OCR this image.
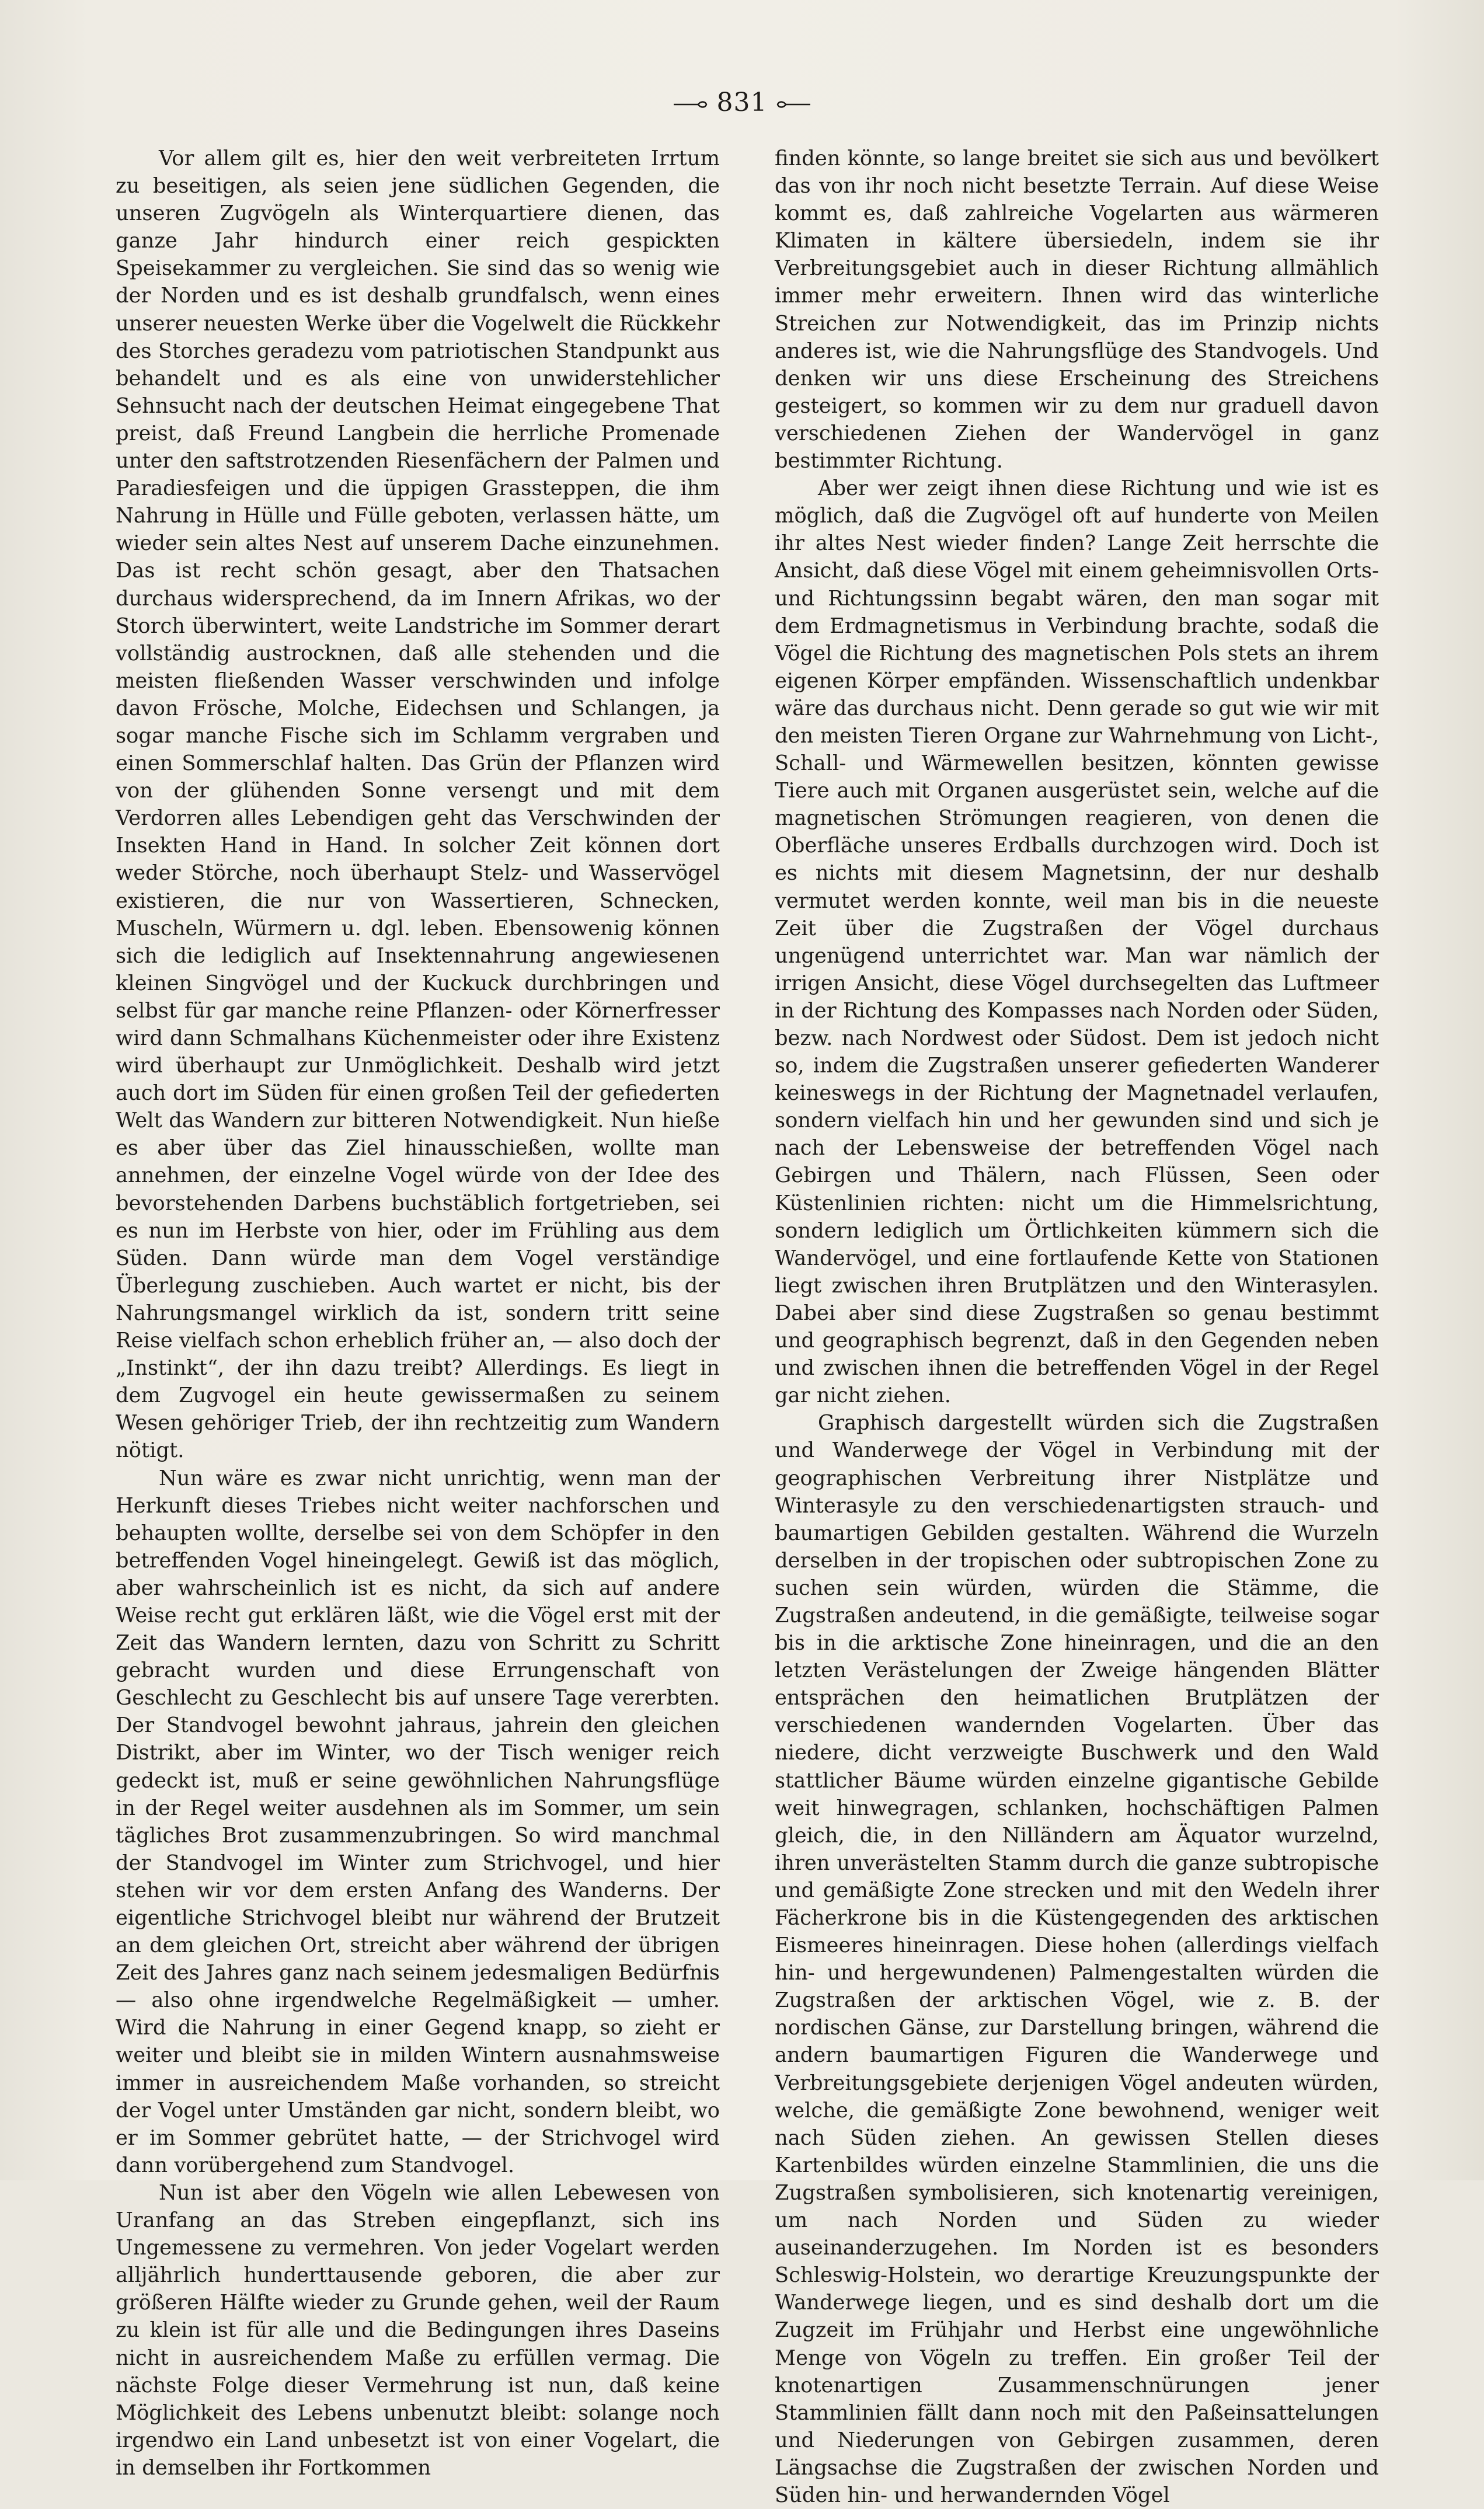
831

Vor allem gilt es, hier den weit verbreiteten Irrtum zu beseitigen, als seien jene südlichen Gegenden, die unseren Zugvögeln als Winterquartiere dienen, das ganze Jahr hindurch einer reich gespickten Speisekammer zu vergleichen. Sie sind das so wenig wie der Norden und es ist deshalb grundfalsch, wenn eines unserer neuesten Werke über die Vogelwelt die Rückkehr des Storches geradezu vom patriotischen Standpunkt aus behandelt und es als eine von unwiderstehlicher Sehnsucht nach der deutschen Heimat eingegebene That preist, daß Freund Langbein die herrliche Promenade unter den saftstrotzenden Riesenfächern der Palmen und Paradiesfeigen und die üppigen Grassteppen, die ihm Nahrung in Hülle und Fülle geboten, verlassen hätte, um wieder sein altes Nest auf unserem Dache einzunehmen. Das ist recht schön gesagt, aber den Thatsachen durchaus widersprechend, da im Innern Afrikas, wo der Storch überwintert, weite Landstriche im Sommer derart vollständig austrocknen, daß alle stehenden und die meisten fließenden Wasser verschwinden und infolge davon Frösche, Molche, Eidechsen und Schlangen, ja sogar manche Fische sich im Schlamm vergraben und einen Sommerschlaf halten. Das Grün der Pflanzen wird von der glühenden Sonne versengt und mit dem Verdorren alles Lebendigen geht das Verschwinden der Insekten Hand in Hand. In solcher Zeit können dort weder Störche, noch überhaupt Stelz- und Wasservögel existieren, die nur von Wassertieren, Schnecken, Muscheln, Würmern u. dgl. leben. Ebensowenig können sich die lediglich auf Insektennahrung angewiesenen kleinen Singvögel und der Kuckuck durchbringen und selbst für gar manche reine Pflanzen- oder Körnerfresser wird dann Schmalhans Küchenmeister oder ihre Existenz wird überhaupt zur Unmöglichkeit. Deshalb wird jetzt auch dort im Süden für einen großen Teil der gefiederten Welt das Wandern zur bitteren Notwendigkeit. Nun hieße es aber über das Ziel hinausschießen, wollte man annehmen, der einzelne Vogel würde von der Idee des bevorstehenden Darbens buchstäblich fortgetrieben, sei es nun im Herbste von hier, oder im Frühling aus dem Süden. Dann würde man dem Vogel verständige Überlegung zuschieben. Auch wartet er nicht, bis der Nahrungsmangel wirklich da ist, sondern tritt seine Reise vielfach schon erheblich früher an, — also doch der „Instinkt“, der ihn dazu treibt? Allerdings. Es liegt in dem Zugvogel ein heute gewissermaßen zu seinem Wesen gehöriger Trieb, der ihn rechtzeitig zum Wandern nötigt.

Nun wäre es zwar nicht unrichtig, wenn man der Herkunft dieses Triebes nicht weiter nachforschen und behaupten wollte, derselbe sei von dem Schöpfer in den betreffenden Vogel hineingelegt. Gewiß ist das möglich, aber wahrscheinlich ist es nicht, da sich auf andere Weise recht gut erklären läßt, wie die Vögel erst mit der Zeit das Wandern lernten, dazu von Schritt zu Schritt gebracht wurden und diese Errungenschaft von Geschlecht zu Geschlecht bis auf unsere Tage vererbten. Der Standvogel bewohnt jahraus, jahrein den gleichen Distrikt, aber im Winter, wo der Tisch weniger reich gedeckt ist, muß er seine gewöhnlichen Nahrungsflüge in der Regel weiter ausdehnen als im Sommer, um sein tägliches Brot zusammenzubringen. So wird manchmal der Standvogel im Winter zum Strichvogel, und hier stehen wir vor dem ersten Anfang des Wanderns. Der eigentliche Strichvogel bleibt nur während der Brutzeit an dem gleichen Ort, streicht aber während der übrigen Zeit des Jahres ganz nach seinem jedesmaligen Bedürfnis — also ohne irgendwelche Regelmäßigkeit — umher. Wird die Nahrung in einer Gegend knapp, so zieht er weiter und bleibt sie in milden Wintern ausnahmsweise immer in ausreichendem Maße vorhanden, so streicht der Vogel unter Umständen gar nicht, sondern bleibt, wo er im Sommer gebrütet hatte, — der Strichvogel wird dann vorübergehend zum Standvogel.

Nun ist aber den Vögeln wie allen Lebewesen von Uranfang an das Streben eingepflanzt, sich ins Ungemessene zu vermehren. Von jeder Vogelart werden alljährlich hunderttausende geboren, die aber zur größeren Hälfte wieder zu Grunde gehen, weil der Raum zu klein ist für alle und die Bedingungen ihres Daseins nicht in ausreichendem Maße zu erfüllen vermag. Die nächste Folge dieser Vermehrung ist nun, daß keine Möglichkeit des Lebens unbenutzt bleibt: solange noch irgendwo ein Land unbesetzt ist von einer Vogelart, die in demselben ihr Fortkommen

finden könnte, so lange breitet sie sich aus und bevölkert das von ihr noch nicht besetzte Terrain. Auf diese Weise kommt es, daß zahlreiche Vogelarten aus wärmeren Klimaten in kältere übersiedeln, indem sie ihr Verbreitungsgebiet auch in dieser Richtung allmählich immer mehr erweitern. Ihnen wird das winterliche Streichen zur Notwendigkeit, das im Prinzip nichts anderes ist, wie die Nahrungsflüge des Standvogels. Und denken wir uns diese Erscheinung des Streichens gesteigert, so kommen wir zu dem nur graduell davon verschiedenen Ziehen der Wandervögel in ganz bestimmter Richtung.

Aber wer zeigt ihnen diese Richtung und wie ist es möglich, daß die Zugvögel oft auf hunderte von Meilen ihr altes Nest wieder finden? Lange Zeit herrschte die Ansicht, daß diese Vögel mit einem geheimnisvollen Orts- und Richtungssinn begabt wären, den man sogar mit dem Erdmagnetismus in Verbindung brachte, sodaß die Vögel die Richtung des magnetischen Pols stets an ihrem eigenen Körper empfänden. Wissenschaftlich undenkbar wäre das durchaus nicht. Denn gerade so gut wie wir mit den meisten Tieren Organe zur Wahrnehmung von Licht-, Schall- und Wärmewellen besitzen, könnten gewisse Tiere auch mit Organen ausgerüstet sein, welche auf die magnetischen Strömungen reagieren, von denen die Oberfläche unseres Erdballs durchzogen wird. Doch ist es nichts mit diesem Magnetsinn, der nur deshalb vermutet werden konnte, weil man bis in die neueste Zeit über die Zugstraßen der Vögel durchaus ungenügend unterrichtet war. Man war nämlich der irrigen Ansicht, diese Vögel durchsegelten das Luftmeer in der Richtung des Kompasses nach Norden oder Süden, bezw. nach Nordwest oder Südost. Dem ist jedoch nicht so, indem die Zugstraßen unserer gefiederten Wanderer keineswegs in der Richtung der Magnetnadel verlaufen, sondern vielfach hin und her gewunden sind und sich je nach der Lebensweise der betreffenden Vögel nach Gebirgen und Thälern, nach Flüssen, Seen oder Küstenlinien richten: nicht um die Himmelsrichtung, sondern lediglich um Örtlichkeiten kümmern sich die Wandervögel, und eine fortlaufende Kette von Stationen liegt zwischen ihren Brutplätzen und den Winterasylen. Dabei aber sind diese Zugstraßen so genau bestimmt und geographisch begrenzt, daß in den Gegenden neben und zwischen ihnen die betreffenden Vögel in der Regel gar nicht ziehen.

Graphisch dargestellt würden sich die Zugstraßen und Wanderwege der Vögel in Verbindung mit der geographischen Verbreitung ihrer Nistplätze und Winterasyle zu den verschiedenartigsten strauch- und baumartigen Gebilden gestalten. Während die Wurzeln derselben in der tropischen oder subtropischen Zone zu suchen sein würden, würden die Stämme, die Zugstraßen andeutend, in die gemäßigte, teilweise sogar bis in die arktische Zone hineinragen, und die an den letzten Verästelungen der Zweige hängenden Blätter entsprächen den heimatlichen Brutplätzen der verschiedenen wandernden Vogelarten. Über das niedere, dicht verzweigte Buschwerk und den Wald stattlicher Bäume würden einzelne gigantische Gebilde weit hinwegragen, schlanken, hochschäftigen Palmen gleich, die, in den Nilländern am Äquator wurzelnd, ihren unverästelten Stamm durch die ganze subtropische und gemäßigte Zone strecken und mit den Wedeln ihrer Fächerkrone bis in die Küstengegenden des arktischen Eismeeres hineinragen. Diese hohen (allerdings vielfach hin- und hergewundenen) Palmengestalten würden die Zugstraßen der arktischen Vögel, wie z. B. der nordischen Gänse, zur Darstellung bringen, während die andern baumartigen Figuren die Wanderwege und Verbreitungsgebiete derjenigen Vögel andeuten würden, welche, die gemäßigte Zone bewohnend, weniger weit nach Süden ziehen. An gewissen Stellen dieses Kartenbildes würden einzelne Stammlinien, die uns die Zugstraßen symbolisieren, sich knotenartig vereinigen, um nach Norden und Süden zu wieder auseinanderzugehen. Im Norden ist es besonders Schleswig-Holstein, wo derartige Kreuzungspunkte der Wanderwege liegen, und es sind deshalb dort um die Zugzeit im Frühjahr und Herbst eine ungewöhnliche Menge von Vögeln zu treffen. Ein großer Teil der knotenartigen Zusammenschnürungen jener Stammlinien fällt dann noch mit den Paßeinsattelungen und Niederungen von Gebirgen zusammen, deren Längsachse die Zugstraßen der zwischen Norden und Süden hin- und herwandernden Vögel
